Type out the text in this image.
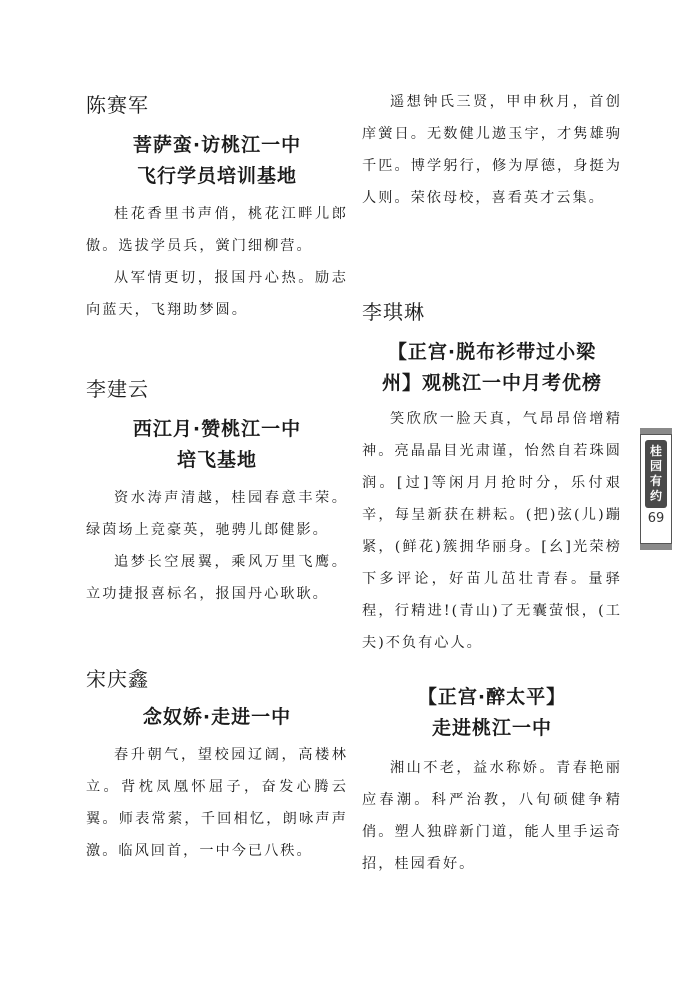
陈赛军

菩萨蛮·访桃江一中

飞行学员培训基地

桂花香里书声俏，桃花江畔儿郎傲。选拔学员兵，黉门细柳营。

从军情更切，报国丹心热。励志向蓝天，飞翔助梦圆。

李建云

西江月·赞桃江一中

培飞基地

资水涛声清越，桂园春意丰荣。绿茵场上竞豪英，驰骋儿郎健影。

追梦长空展翼，乘风万里飞鹰。立功捷报喜标名，报国丹心耿耿。

宋庆鑫

念奴娇·走进一中

春升朝气，望校园辽阔，高楼林立。背枕凤凰怀屈子，奋发心腾云翼。师表常萦，千回相忆，朗咏声声激。临风回首，一中今已八秩。

遥想钟氏三贤，甲申秋月，首创庠黉日。无数健儿遨玉宇，才隽雄驹千匹。博学躬行，修为厚德，身挺为人则。荣依母校，喜看英才云集。

李琪琳

【正宫·脱布衫带过小梁

州】观桃江一中月考优榜

笑欣欣一脸天真，气昂昂倍增精神。亮晶晶目光肃谨，怡然自若珠圆润。[过]等闲月月抢时分，乐付艰辛，每呈新获在耕耘。(把)弦(儿)蹦紧，(鲜花)簇拥华丽身。[幺]光荣榜下多评论，好苗儿茁壮青春。量驿程，行精进!(青山)了无囊萤恨，(工夫)不负有心人。

【正宫·醉太平】

走进桃江一中

湘山不老，益水称娇。青春艳丽应春潮。科严治教，八旬硕健争精俏。塑人独辟新门道，能人里手运奇招，桂园看好。

桂
园
有
约
69
